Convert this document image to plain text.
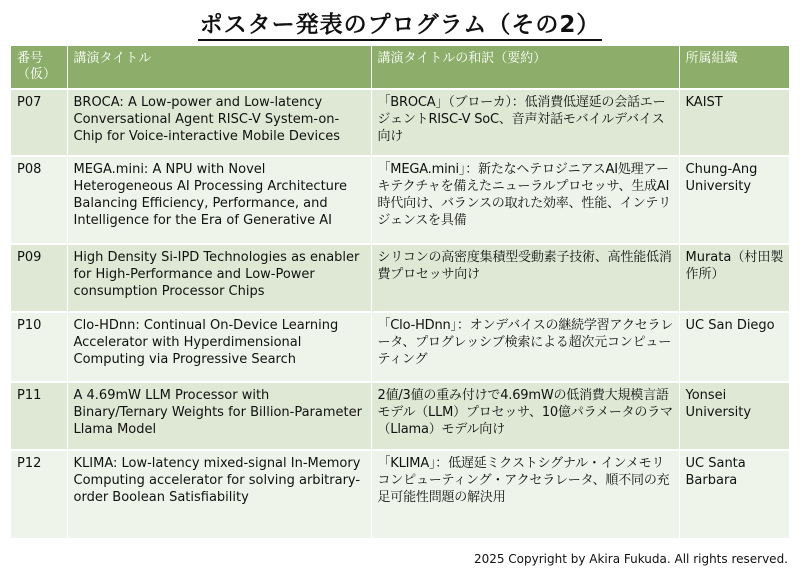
ポスター発表のプログラム（その2）
番号（仮）	講演タイトル	講演タイトルの和訳（要約）	所属組織
P07	BROCA: A Low-power and Low-latency Conversational Agent RISC-V System-on-Chip for Voice-interactive Mobile Devices	「BROCA」（ブローカ）：低消費低遅延の会話エージェントRISC-V SoC、音声対話モバイルデバイス向け	KAIST
P08	MEGA.mini: A NPU with Novel Heterogeneous AI Processing Architecture Balancing Efficiency, Performance, and Intelligence for the Era of Generative AI	「MEGA.mini」：新たなヘテロジニアスAI処理アーキテクチャを備えたニューラルプロセッサ、生成AI時代向け、バランスの取れた効率、性能、インテリジェンスを具備	Chung-Ang University
P09	High Density Si-IPD Technologies as enabler for High-Performance and Low-Power consumption Processor Chips	シリコンの高密度集積型受動素子技術、高性能低消費プロセッサ向け	Murata（村田製作所）
P10	Clo-HDnn: Continual On-Device Learning Accelerator with Hyperdimensional Computing via Progressive Search	「Clo-HDnn」：オンデバイスの継続学習アクセラレータ、プログレッシブ検索による超次元コンピューティング	UC San Diego
P11	A 4.69mW LLM Processor with Binary/Ternary Weights for Billion-Parameter Llama Model	2値/3値の重み付けで4.69mWの低消費大規模言語モデル（LLM）プロセッサ、10億パラメータのラマ（Llama）モデル向け	Yonsei University
P12	KLIMA: Low-latency mixed-signal In-Memory Computing accelerator for solving arbitrary-order Boolean Satisfiability	「KLIMA」：低遅延ミクストシグナル・インメモリコンピューティング・アクセラレータ、順不同の充足可能性問題の解決用	UC Santa Barbara
2025 Copyright by Akira Fukuda. All rights reserved.
